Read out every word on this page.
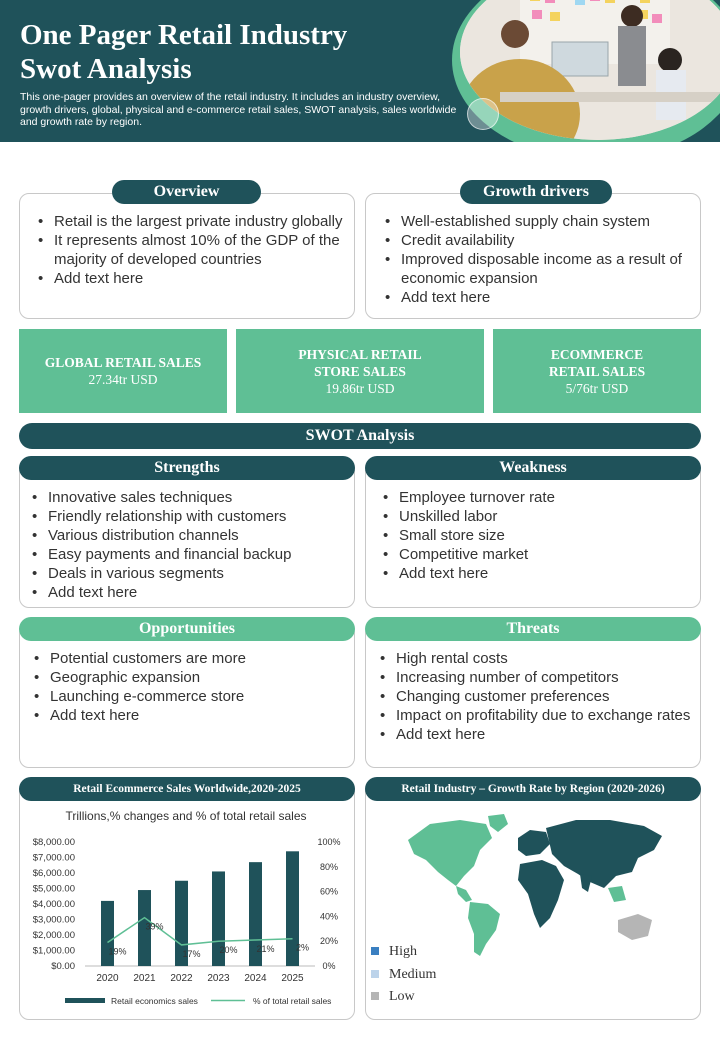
One Pager Retail Industry
Swot Analysis
This one-pager provides an overview of the retail industry. It includes an industry overview, growth drivers, global, physical and e-commerce retail sales, SWOT analysis, sales worldwide and growth rate by region.
Overview
• Retail is the largest private industry globally
• It represents almost 10% of the GDP of the majority of developed countries
• Add text here
Growth drivers
• Well-established supply chain system
• Credit availability
• Improved disposable income as a result of economic expansion
• Add text here
GLOBAL RETAIL SALES
27.34tr USD
PHYSICAL RETAIL STORE SALES
19.86tr USD
ECOMMERCE RETAIL SALES
5/76tr USD
SWOT Analysis
Strengths
• Innovative sales techniques
• Friendly relationship with customers
• Various distribution channels
• Easy payments and financial backup
• Deals in various segments
• Add text here
Weakness
• Employee turnover rate
• Unskilled labor
• Small store size
• Competitive market
• Add text here
Opportunities
• Potential customers are more
• Geographic expansion
• Launching e-commerce store
• Add text here
Threats
• High rental costs
• Increasing number of competitors
• Changing customer preferences
• Impact on profitability due to exchange rates
• Add text here
Retail Ecommerce Sales Worldwide,2020-2025
Trillions,% changes and % of total retail sales
$0.00
$1,000.00
$2,000.00
$3,000.00
$4,000.00
$5,000.00
$6,000.00
$7,000.00
$8,000.00
0%
20%
40%
60%
80%
100%
2020 2021 2022 2023 2024 2025
19%
39%
17% 20% 21% 2%
Retail economics sales	% of total retail sales
Retail Industry – Growth Rate by Region (2020-2026)
High
Medium
Low
